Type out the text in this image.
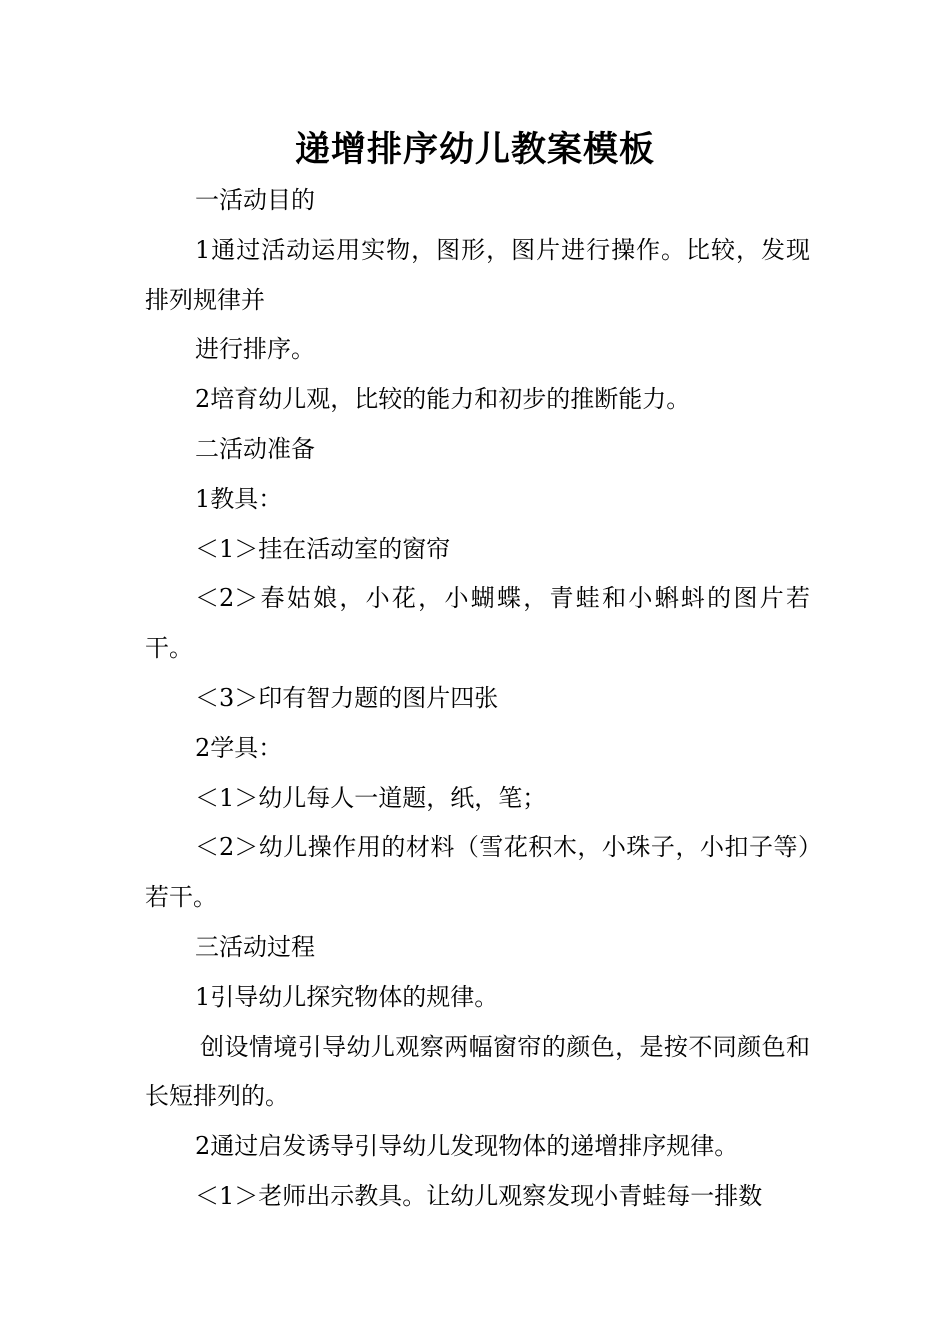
递增排序幼儿教案模板

一活动目的

1通过活动运用实物，图形，图片进行操作。比较，发现排列规律并

进行排序。

2培育幼儿观，比较的能力和初步的推断能力。

二活动准备

1教具：

＜1＞挂在活动室的窗帘

＜2＞春姑娘，小花，小蝴蝶，青蛙和小蝌蚪的图片若干。

＜3＞印有智力题的图片四张

2学具：

＜1＞幼儿每人一道题，纸，笔；

＜2＞幼儿操作用的材料（雪花积木，小珠子，小扣子等）若干。

三活动过程

1引导幼儿探究物体的规律。

创设情境引导幼儿观察两幅窗帘的颜色，是按不同颜色和长短排列的。

2通过启发诱导引导幼儿发现物体的递增排序规律。

＜1＞老师出示教具。让幼儿观察发现小青蛙每一排数
